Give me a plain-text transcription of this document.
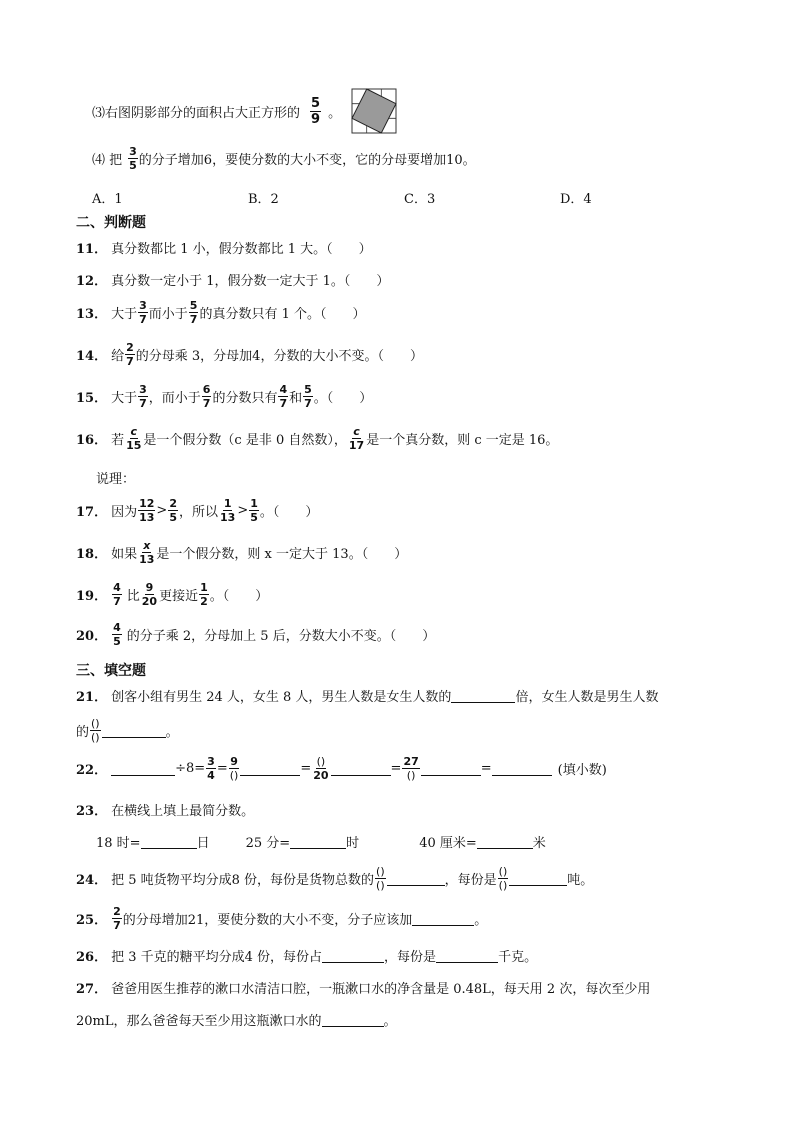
⑶右图阴影部分的面积占大正方形的 $\frac{5}{9}$ 。
⑷ 把 $\frac{3}{5}$ 的分子增加6，要使分数的大小不变，它的分母要增加10。
A．1	B．2	C．3	D．4
二、判断题
11． 真分数都比 1 小，假分数都比 1 大。（　　）
12． 真分数一定小于 1，假分数一定大于 1。（　　）
13． 大于 $\frac{3}{7}$ 而小于 $\frac{5}{7}$ 的真分数只有 1 个。（　　）
14． 给 $\frac{2}{7}$ 的分母乘 3，分母加4，分数的大小不变。（　　）
15． 大于 $\frac{3}{7}$ ，而小于 $\frac{6}{7}$ 的分数只有 $\frac{4}{7}$ 和 $\frac{5}{7}$ 。（　　）
16． 若 $\frac{c}{15}$ 是一个假分数（c 是非 0 自然数）， $\frac{c}{17}$ 是一个真分数，则 c 一定是 16。
说理：
17． 因为 $\frac{12}{13} > \frac{2}{5}$ ，所以 $\frac{1}{13} > \frac{1}{5}$ 。（　　）
18． 如果 $\frac{x}{13}$ 是一个假分数，则 x 一定大于 13。（　　）
19． $\frac{4}{7}$ 比 $\frac{9}{20}$ 更接近 $\frac{1}{2}$ 。（　　）
20． $\frac{4}{5}$ 的分子乘 2，分母加上 5 后，分数大小不变。（　　）
三、填空题
21． 创客小组有男生 24 人，女生 8 人，男生人数是女生人数的	倍，女生人数是男生人数
的 $\frac{()}{()}$	。
22．	$\div 8= \frac{3}{4} = \frac{9}{()}$	= $\frac{()}{20}$	= $\frac{27}{()}$	=	(填小数)
23． 在横线上填上最简分数。
18 时=	日	25 分=	时	40 厘米=	米
24． 把 5 吨货物平均分成8 份，每份是货物总数的 $\frac{()}{()}$	，每份是 $\frac{()}{()}$	吨。
25． $\frac{2}{7}$ 的分母增加21，要使分数的大小不变，分子应该加	。
26． 把 3 千克的糖平均分成4 份，每份占	，每份是	千克。
27． 爸爸用医生推荐的漱口水清洁口腔，一瓶漱口水的净含量是 0.48L，每天用 2 次，每次至少用
20mL，那么爸爸每天至少用这瓶漱口水的	。
